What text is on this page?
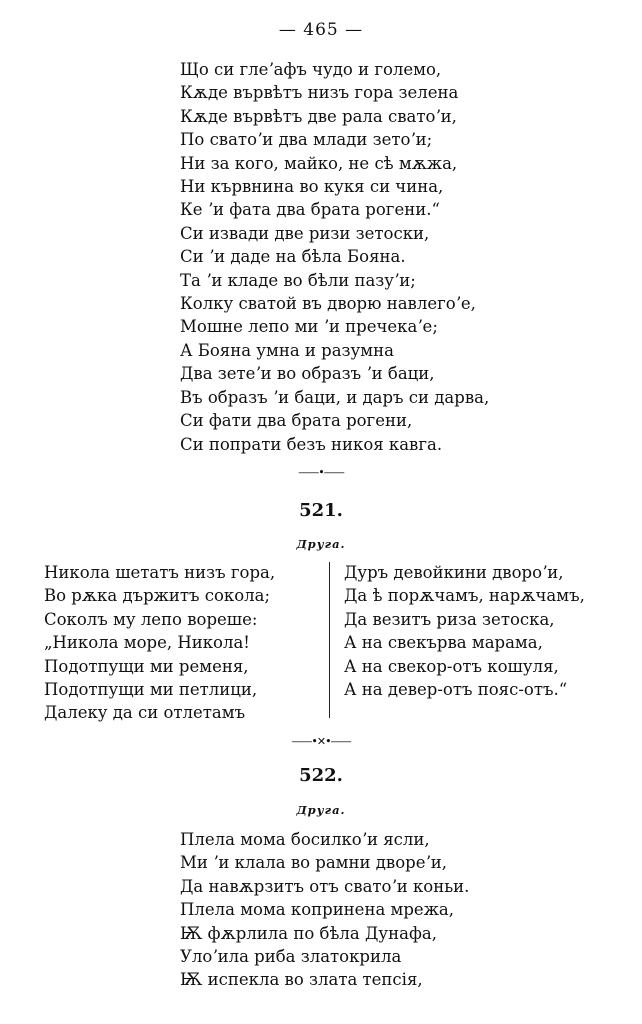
— 465 —
Що си глеʼафъ чудо и големо,
Кѫде вървѣтъ низъ гора зелена
Кѫде вървѣтъ две рала сватоʼи,
По сватоʼи два млади зетоʼи;
Ни за кого, майко, не сѣ мѫжа,
Ни кървнина во кукя си чина,
Ке ʼи фата два брата рогени.“
Си извади две ризи зетоски,
Си ʼи даде на бѣла Бояна.
Та ʼи кладе во бѣли пазуʼи;
Колку сватой въ дворю навлегоʼе,
Мошне лепо ми ʼи пречекаʼе;
А Бояна умна и разумна
Два зетеʼи во образъ ʼи баци,
Въ образъ ʼи баци, и даръ си дарва,
Си фати два брата рогени,
Си попрати безъ никоя кавга.
——•——
521.
Друга.
Никола шетатъ низъ гора,
Во рѫка държитъ сокола;
Соколъ му лепо вореше:
„Никола море, Никола!
Подотпущи ми ременя,
Подотпущи ми петлици,
Далеку да си отлетамъ
Дуръ девойкини двороʼи,
Да ѣ порѫчамъ, нарѫчамъ,
Да везитъ риза зетоска,
А на свекърва марама,
А на свекор-отъ кошуля,
А на девер-отъ пояс-отъ.“
——•✕•——
522.
Друга.
Плела мома босилкоʼи ясли,
Ми ʼи клала во рамни двореʼи,
Да навѫрзитъ отъ сватоʼи коньи.
Плела мома копринена мрежа,
Ѭ фѫрлила по бѣла Дунафа,
Улоʼила риба златокрила
Ѭ испекла во злата тепсія,
